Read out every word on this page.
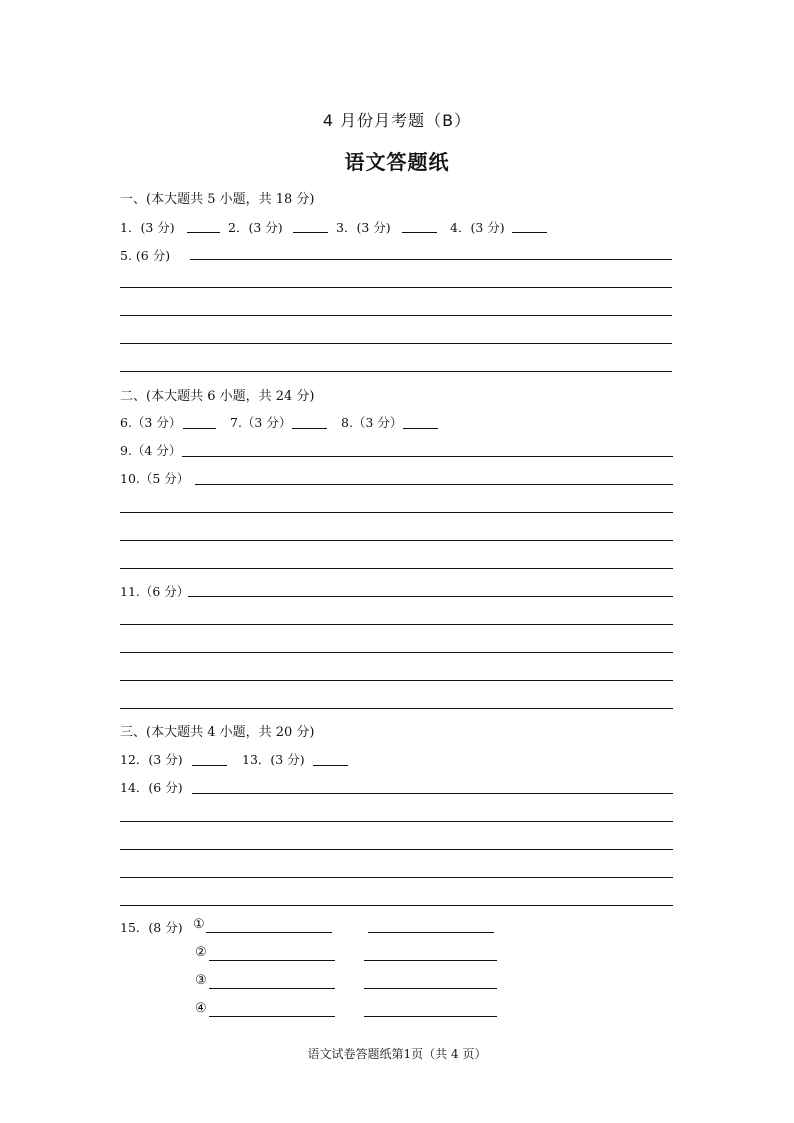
4 月份月考题（B）
语文答题纸
一、(本大题共 5 小题，共 18 分)
1．(3 分)	2．(3 分)	3．(3 分)	4．(3 分)
5. (6 分)
二、(本大题共 6 小题，共 24 分)
6.（3 分）	7.（3 分）	8.（3 分）
9.（4 分）
10.（5 分）
11.（6 分）
三、(本大题共 4 小题，共 20 分)
12．(3 分)	13．(3 分)
14．(6 分)
15．(8 分) ①
②
③
④
语文试卷答题纸第1页（共 4 页）
